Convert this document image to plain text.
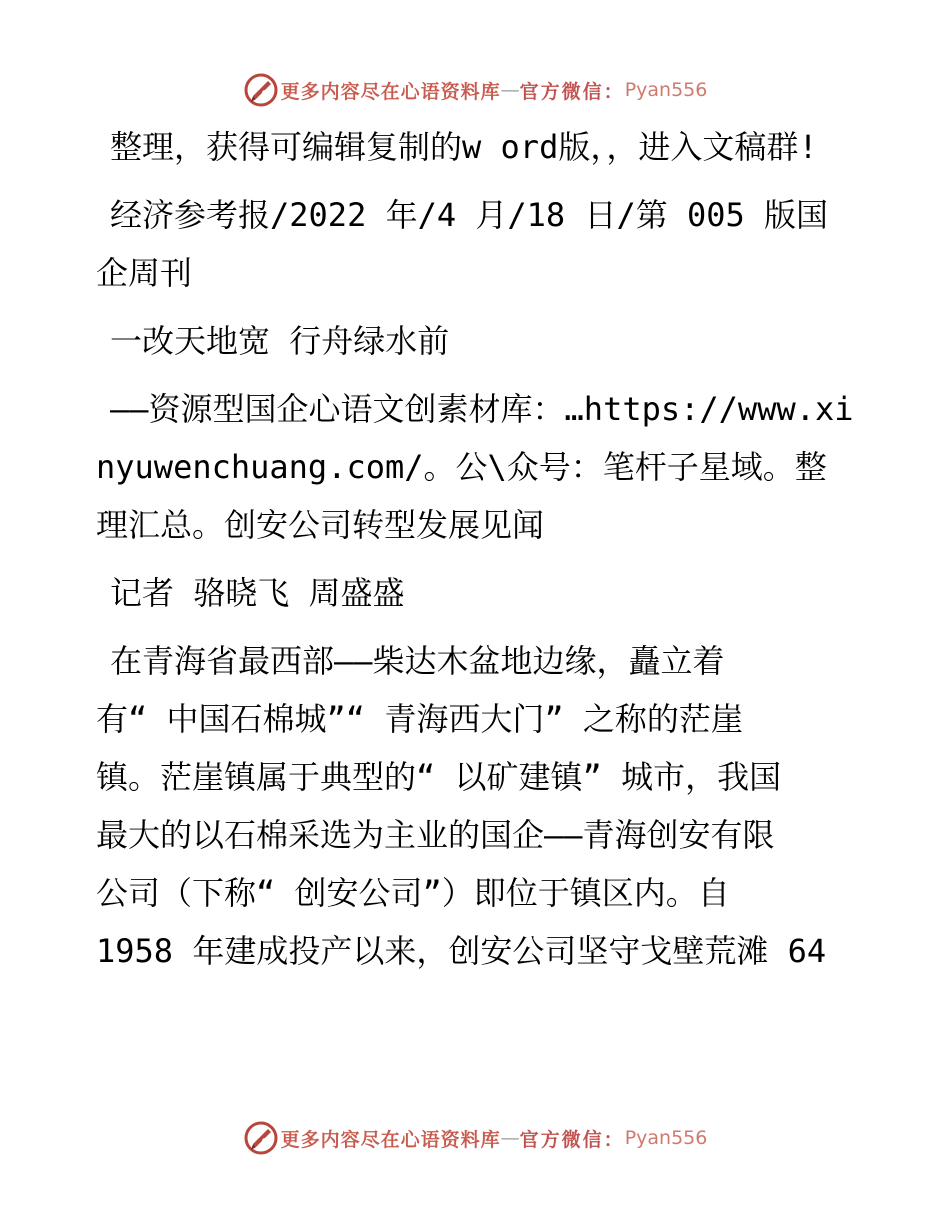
更多内容尽在心语资料库 — 官方微信： Pyan556

整理，获得可编辑复制的w ord版，，进入文稿群!

经济参考报/2022 年/4 月/18 日/第 005 版国企周刊

一改天地宽 行舟绿水前

——资源型国企心语文创素材库：…https://www.xinyuwenchuang.com/。公\众号：笔杆子星域。整理汇总。创安公司转型发展见闻

记者 骆晓飞 周盛盛

在青海省最西部——柴达木盆地边缘，矗立着
有“ 中国石棉城”“ 青海西大门” 之称的茫崖
镇。茫崖镇属于典型的“ 以矿建镇” 城市，我国
最大的以石棉采选为主业的国企——青海创安有限
公司（下称“ 创安公司”）即位于镇区内。自
1958 年建成投产以来，创安公司坚守戈壁荒滩 64

更多内容尽在心语资料库 — 官方微信： Pyan556
